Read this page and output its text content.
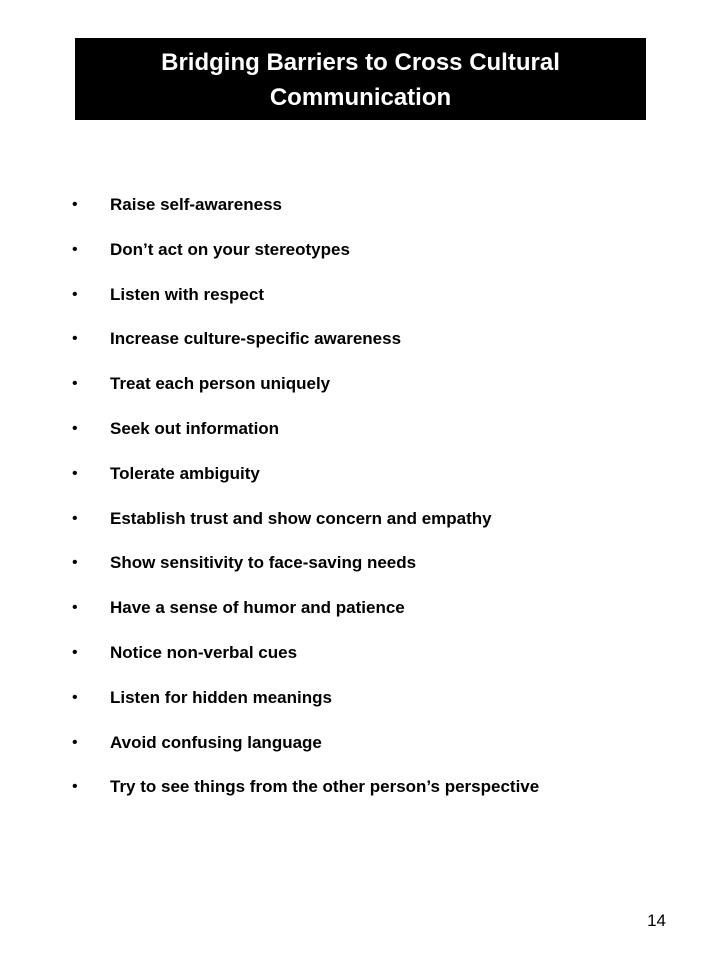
Bridging Barriers to Cross Cultural Communication
•	Raise self-awareness
•	Don’t act on your stereotypes
•	Listen with respect
•	Increase culture-specific awareness
•	Treat each person uniquely
•	Seek out information
•	Tolerate ambiguity
•	Establish trust and show concern and empathy
•	Show sensitivity to face-saving needs
•	Have a sense of humor and patience
•	Notice non-verbal cues
•	Listen for hidden meanings
•	Avoid confusing language
•	Try to see things from the other person’s perspective
14
